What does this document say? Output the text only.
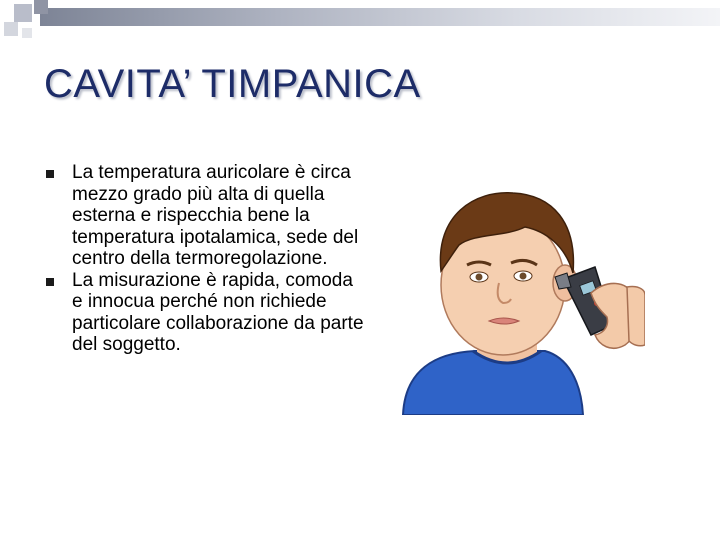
CAVITA’ TIMPANICA
La temperatura auricolare è circa mezzo grado più alta di quella esterna e rispecchia bene la temperatura ipotalamica, sede del centro della termoregolazione.
La misurazione è rapida, comoda e innocua perché non richiede particolare collaborazione da parte del soggetto.
